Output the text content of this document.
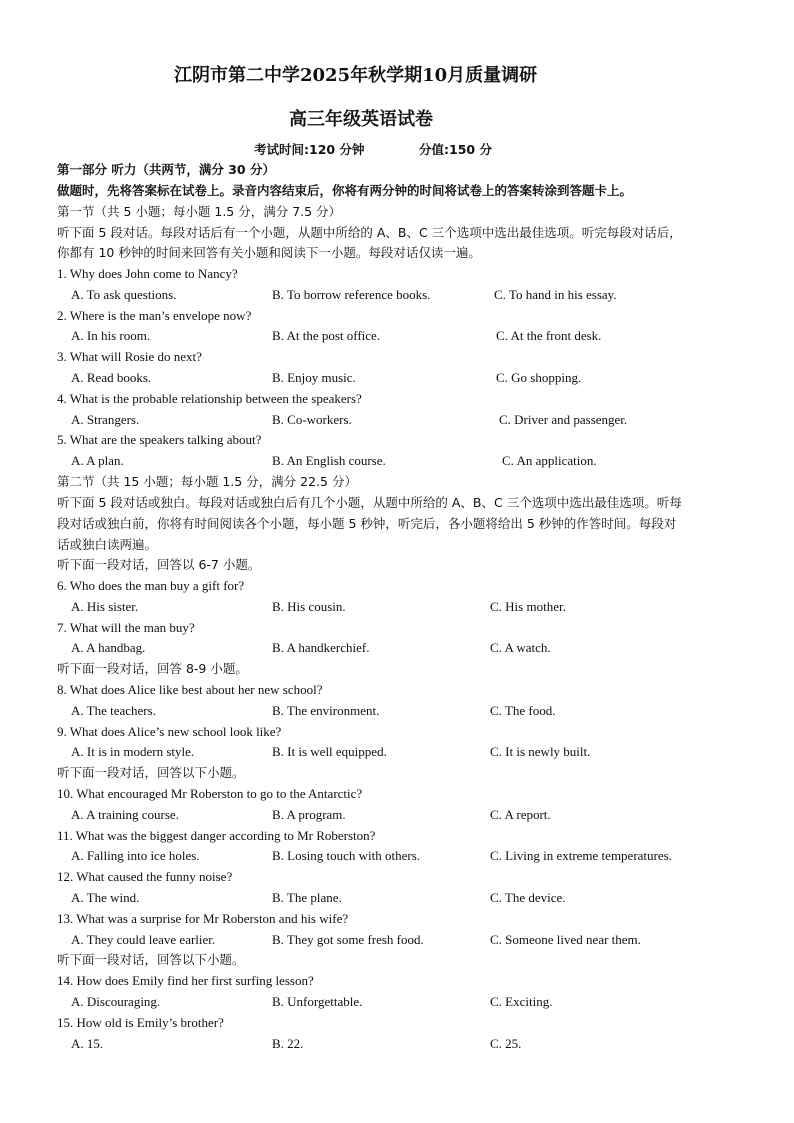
江阴市第二中学2025年秋学期10月质量调研
高三年级英语试卷
考试时间:120 分钟	分值:150 分
第一部分 听力（共两节，满分 30 分）
做题时，先将答案标在试卷上。录音内容结束后，你将有两分钟的时间将试卷上的答案转涂到答题卡上。
第一节（共 5 小题；每小题 1.5 分，满分 7.5 分）
听下面 5 段对话。每段对话后有一个小题，从题中所给的 A、B、C 三个选项中选出最佳选项。听完每段对话后，
你都有 10 秒钟的时间来回答有关小题和阅读下一小题。每段对话仅读一遍。
1. Why does John come to Nancy?
A. To ask questions.	B. To borrow reference books.	C. To hand in his essay.
2. Where is the man’s envelope now?
A. In his room.	B. At the post office.	C. At the front desk.
3. What will Rosie do next?
A. Read books.	B. Enjoy music.	C. Go shopping.
4. What is the probable relationship between the speakers?
A. Strangers.	B. Co-workers.	C. Driver and passenger.
5. What are the speakers talking about?
A. A plan.	B. An English course.	C. An application.
第二节（共 15 小题；每小题 1.5 分，满分 22.5 分）
听下面 5 段对话或独白。每段对话或独白后有几个小题，从题中所给的 A、B、C 三个选项中选出最佳选项。听每
段对话或独白前，你将有时间阅读各个小题，每小题 5 秒钟，听完后，各小题将给出 5 秒钟的作答时间。每段对
话或独白读两遍。
听下面一段对话，回答以 6-7 小题。
6. Who does the man buy a gift for?
A. His sister.	B. His cousin.	C. His mother.
7. What will the man buy?
A. A handbag.	B. A handkerchief.	C. A watch.
听下面一段对话，回答 8-9 小题。
8. What does Alice like best about her new school?
A. The teachers.	B. The environment.	C. The food.
9. What does Alice’s new school look like?
A. It is in modern style.	B. It is well equipped.	C. It is newly built.
听下面一段对话，回答以下小题。
10. What encouraged Mr Roberston to go to the Antarctic?
A. A training course.	B. A program.	C. A report.
11. What was the biggest danger according to Mr Roberston?
A. Falling into ice holes.	B. Losing touch with others.	C. Living in extreme temperatures.
12. What caused the funny noise?
A. The wind.	B. The plane.	C. The device.
13. What was a surprise for Mr Roberston and his wife?
A. They could leave earlier.	B. They got some fresh food.	C. Someone lived near them.
听下面一段对话，回答以下小题。
14. How does Emily find her first surfing lesson?
A. Discouraging.	B. Unforgettable.	C. Exciting.
15. How old is Emily’s brother?
A. 15.	B. 22.	C. 25.
